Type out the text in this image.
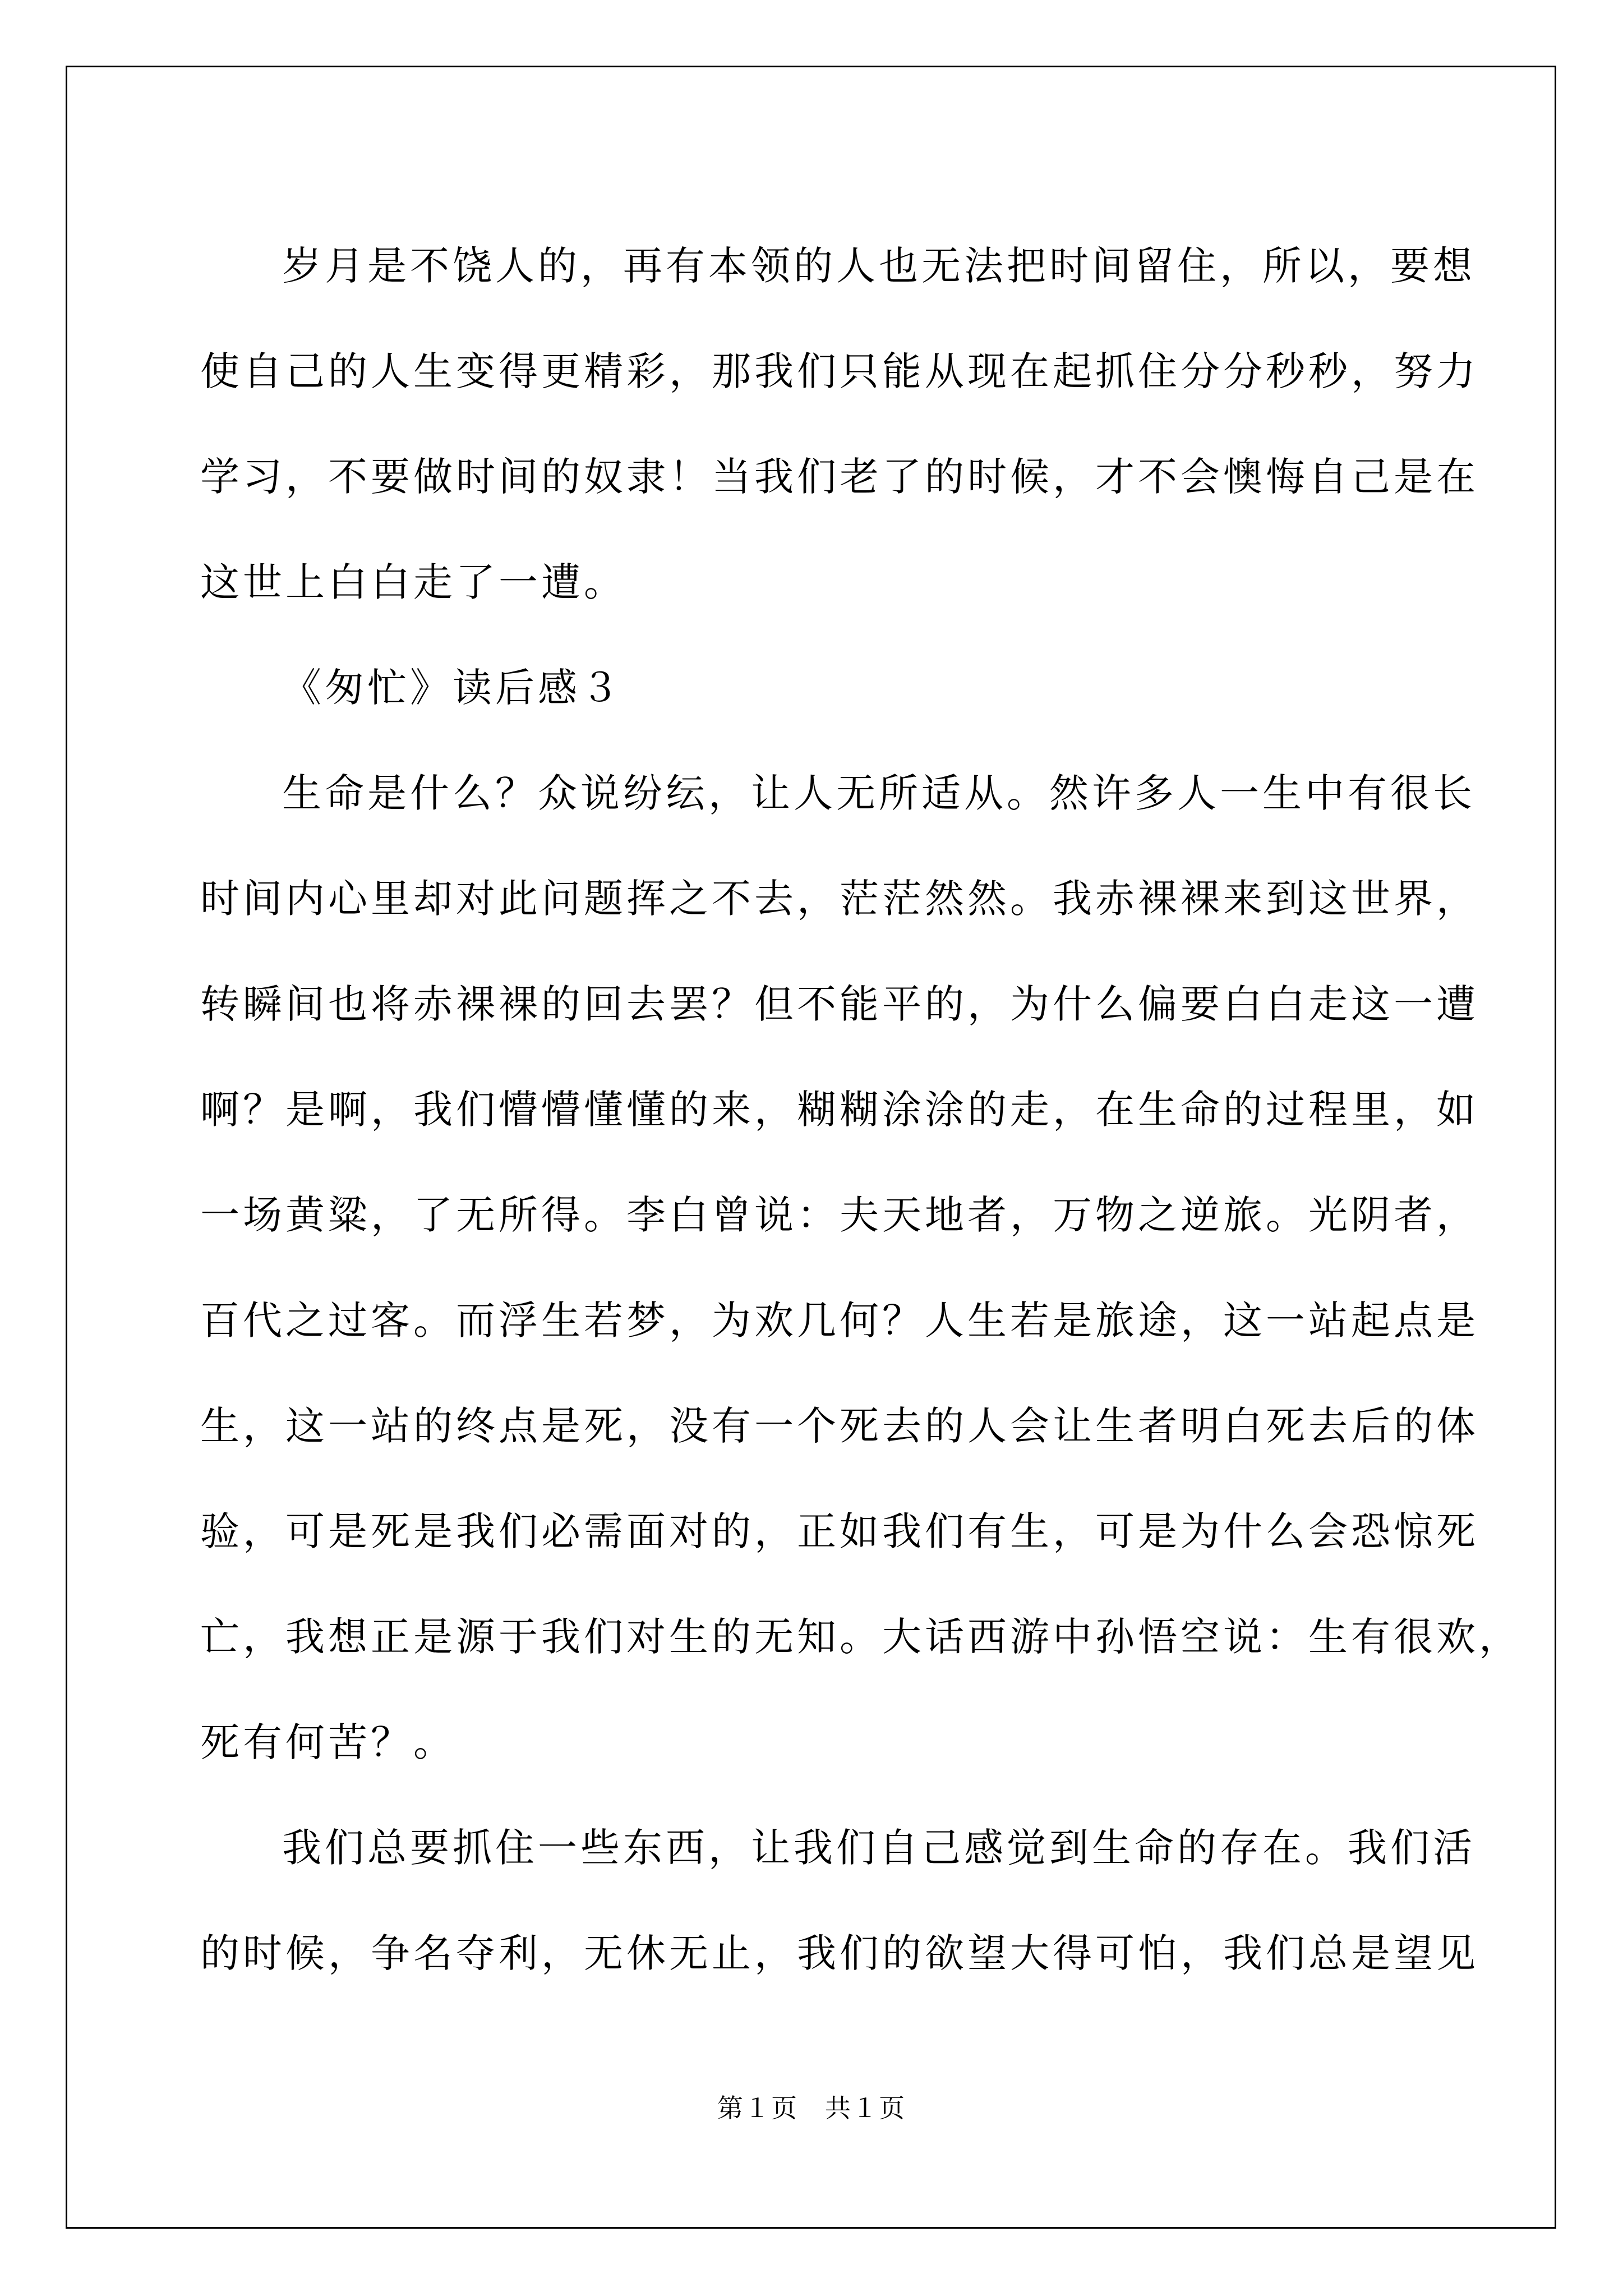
岁月是不饶人的，再有本领的人也无法把时间留住，所以，要想
使自己的人生变得更精彩，那我们只能从现在起抓住分分秒秒，努力
学习，不要做时间的奴隶！当我们老了的时候，才不会懊悔自己是在
这世上白白走了一遭。

《匆忙》读后感３

生命是什么？众说纷纭，让人无所适从。然许多人一生中有很长
时间内心里却对此问题挥之不去，茫茫然然。我赤裸裸来到这世界，
转瞬间也将赤裸裸的回去罢？但不能平的，为什么偏要白白走这一遭
啊？是啊，我们懵懵懂懂的来，糊糊涂涂的走，在生命的过程里，如
一场黄粱，了无所得。李白曾说：夫天地者，万物之逆旅。光阴者，
百代之过客。而浮生若梦，为欢几何？人生若是旅途，这一站起点是
生，这一站的终点是死，没有一个死去的人会让生者明白死去后的体
验，可是死是我们必需面对的，正如我们有生，可是为什么会恐惊死
亡，我想正是源于我们对生的无知。大话西游中孙悟空说：生有很欢，
死有何苦？。

我们总要抓住一些东西，让我们自己感觉到生命的存在。我们活
的时候，争名夺利，无休无止，我们的欲望大得可怕，我们总是望见

第１页　共１页
